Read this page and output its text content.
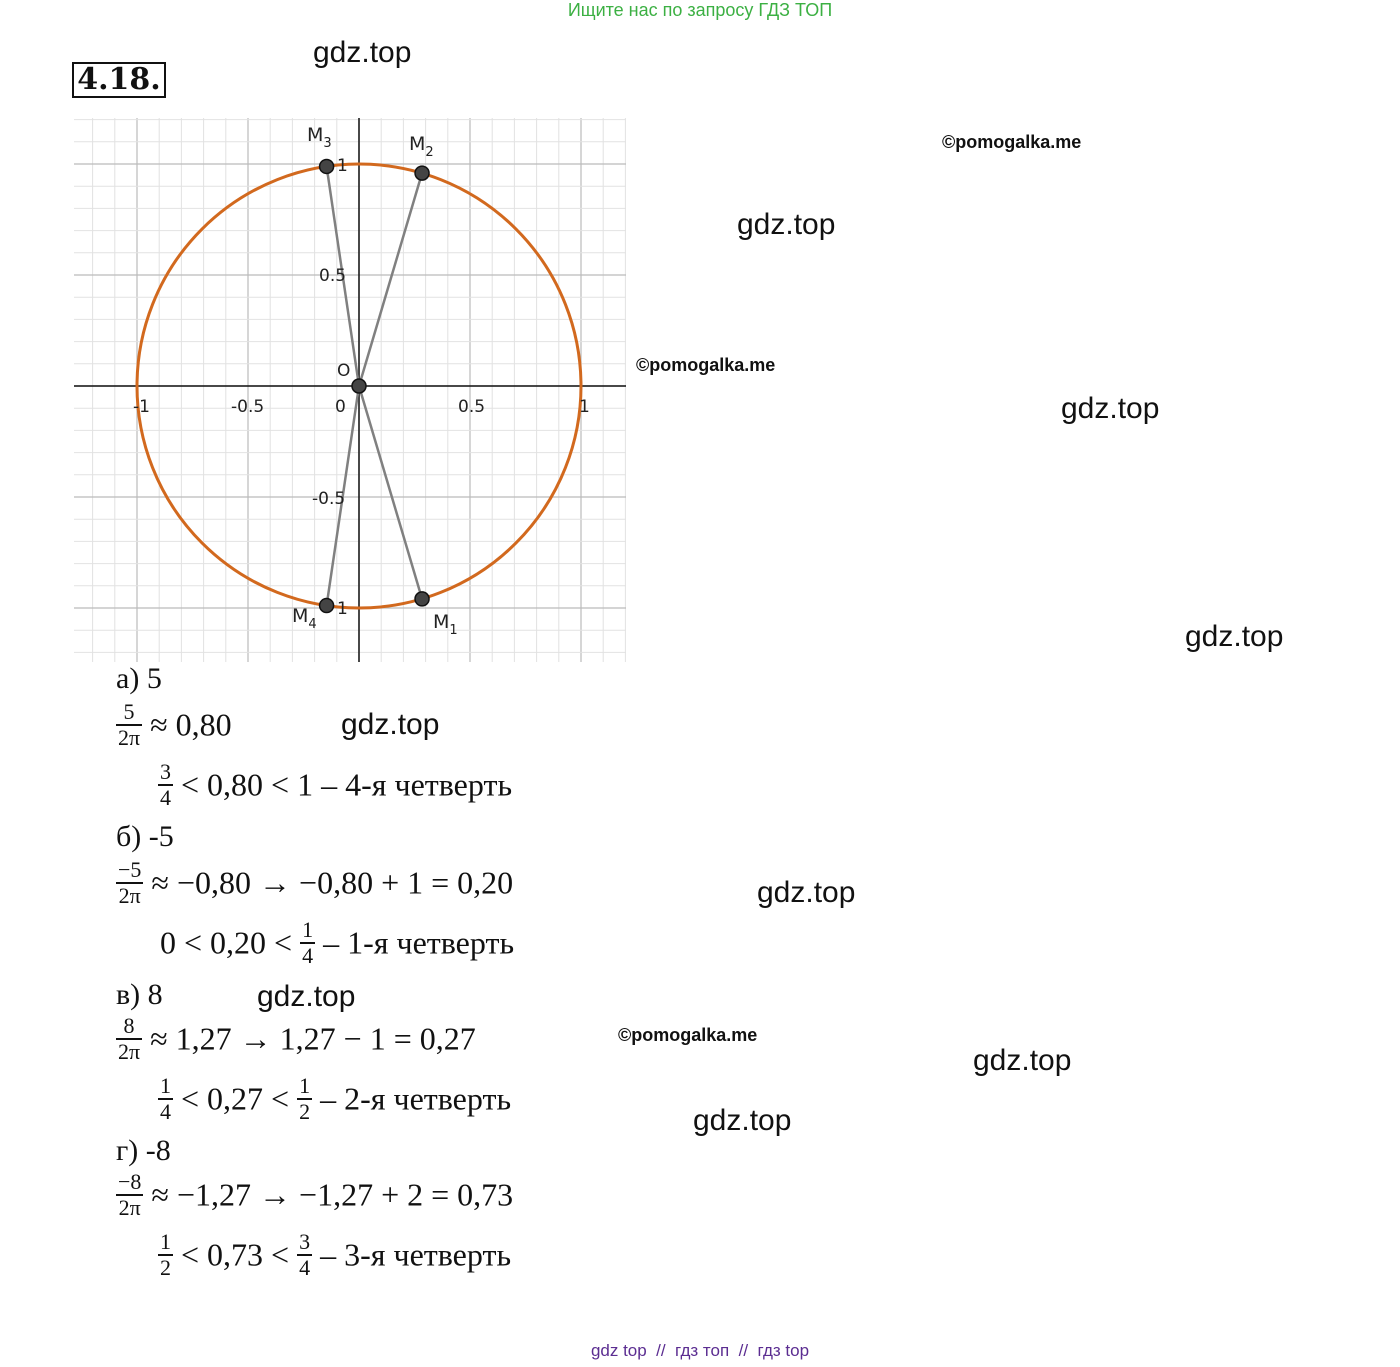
Ищите нас по запросу ГДЗ ТОП
4.18.
gdz.top
gdz.top
gdz.top
gdz.top
gdz.top
gdz.top
gdz.top
gdz.top
gdz.top
©pomogalka.me
©pomogalka.me
©pomogalka.me
-1	-0.5	0	0.5	1
0.5
-0.5
1
1
O
$M_1$
$M_2$
$M_3$
$M_4$
а) 5
$\frac{5}{2\pi} \approx 0,80$
$\frac{3}{4} < 0,80 < 1 - 4-я$ четверть
б) -5
$\frac{-5}{2\pi} \approx -0,80 \to -0,80 + 1 = 0,20$
$0 < 0,20 < \frac{1}{4} - 1-я$ четверть
в) 8
$\frac{8}{2\pi} \approx 1,27 \to 1,27 - 1 = 0,27$
$\frac{1}{4} < 0,27 < \frac{1}{2} - 2-я$ четверть
г) -8
$\frac{-8}{2\pi} \approx -1,27 \to -1,27 + 2 = 0,73$
$\frac{1}{2} < 0,73 < \frac{3}{4} - 3-я$ четверть
gdz top  //  гдз топ  //  гдз top
